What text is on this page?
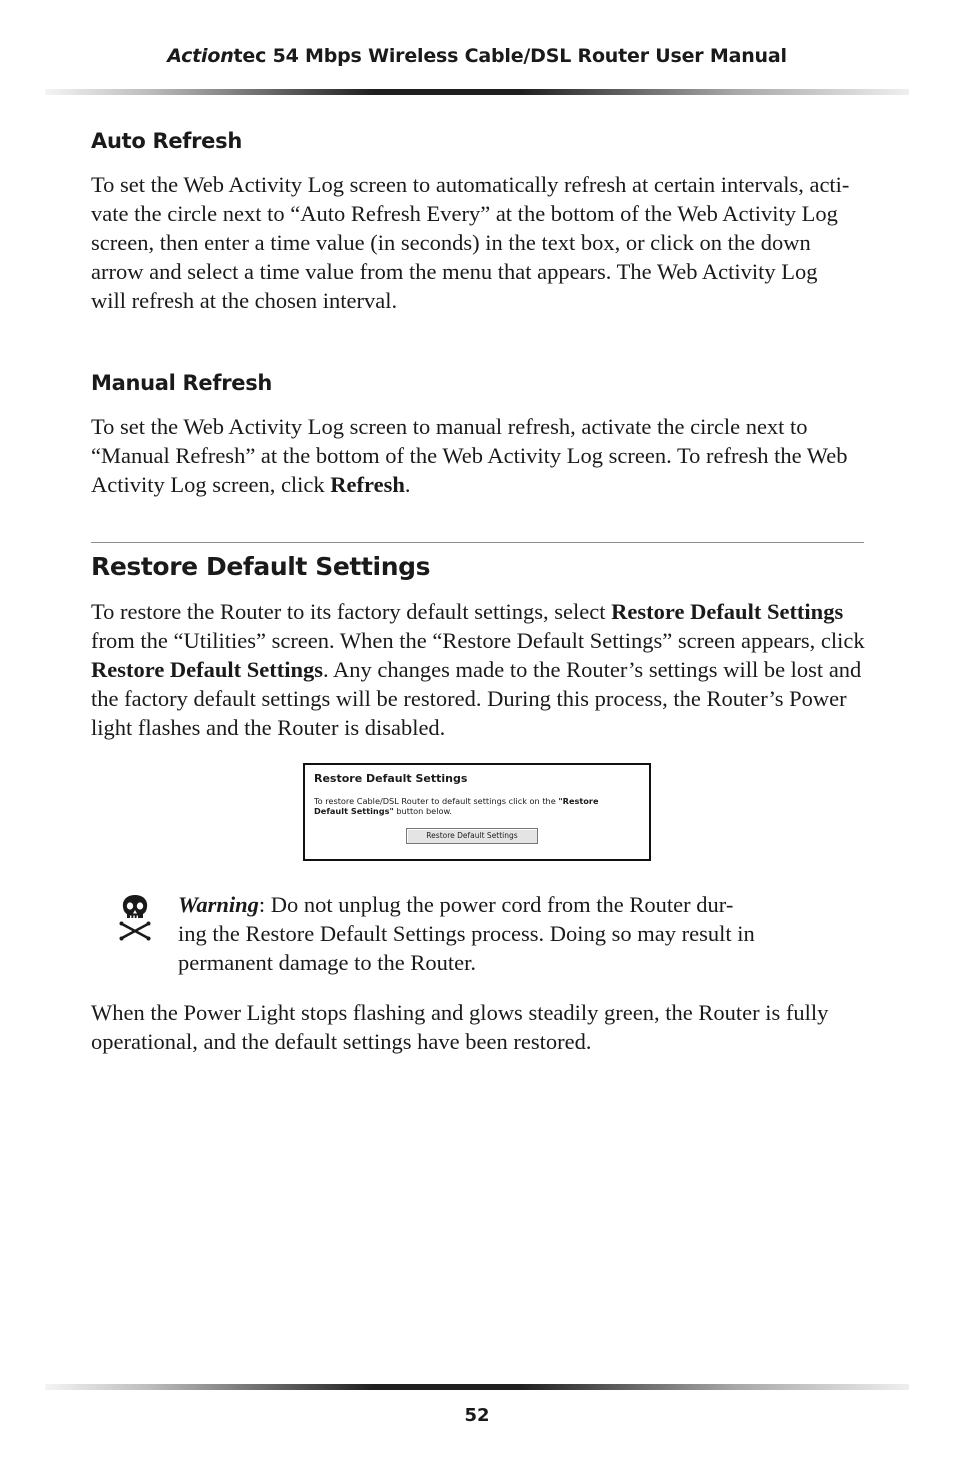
Actiontec 54 Mbps Wireless Cable/DSL Router User Manual
Auto Refresh

To set the Web Activity Log screen to automatically refresh at certain intervals, acti-
vate the circle next to “Auto Refresh Every” at the bottom of the Web Activity Log
screen, then enter a time value (in seconds) in the text box, or click on the down
arrow and select a time value from the menu that appears. The Web Activity Log
will refresh at the chosen interval.

Manual Refresh

To set the Web Activity Log screen to manual refresh, activate the circle next to
“Manual Refresh” at the bottom of the Web Activity Log screen. To refresh the Web
Activity Log screen, click Refresh.

Restore Default Settings

To restore the Router to its factory default settings, select Restore Default Settings
from the “Utilities” screen. When the “Restore Default Settings” screen appears, click
Restore Default Settings. Any changes made to the Router’s settings will be lost and
the factory default settings will be restored. During this process, the Router’s Power
light flashes and the Router is disabled.

Restore Default Settings
To restore Cable/DSL Router to default settings click on the "Restore
Default Settings" button below.
Restore Default Settings
Warning: Do not unplug the power cord from the Router dur-
ing the Restore Default Settings process. Doing so may result in
permanent damage to the Router.

When the Power Light stops flashing and glows steadily green, the Router is fully
operational, and the default settings have been restored.

52
